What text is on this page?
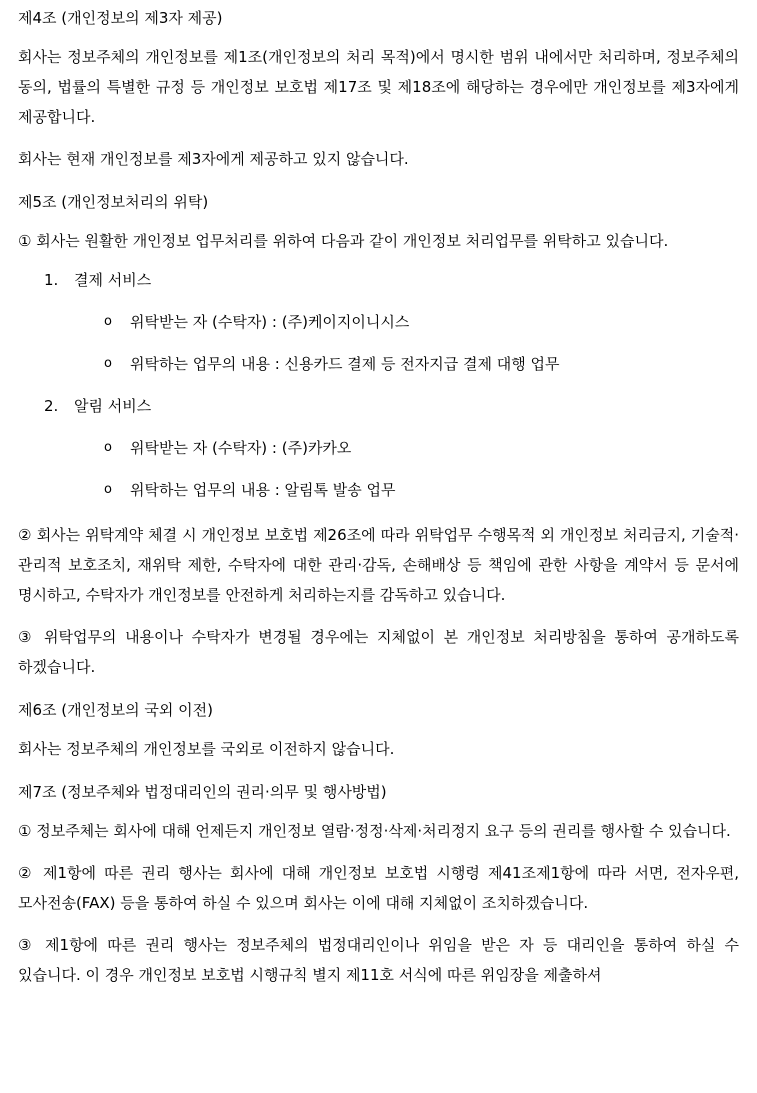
제4조 (개인정보의 제3자 제공)

회사는 정보주체의 개인정보를 제1조(개인정보의 처리 목적)에서 명시한 범위 내에서만 처리하며, 정보주체의 동의, 법률의 특별한 규정 등 개인정보 보호법 제17조 및 제18조에 해당하는 경우에만 개인정보를 제3자에게 제공합니다.

회사는 현재 개인정보를 제3자에게 제공하고 있지 않습니다.

제5조 (개인정보처리의 위탁)

① 회사는 원활한 개인정보 업무처리를 위하여 다음과 같이 개인정보 처리업무를 위탁하고 있습니다.

1.	결제 서비스
o	위탁받는 자 (수탁자) : (주)케이지이니시스
o	위탁하는 업무의 내용 : 신용카드 결제 등 전자지급 결제 대행 업무
2.	알림 서비스
o	위탁받는 자 (수탁자) : (주)카카오
o	위탁하는 업무의 내용 : 알림톡 발송 업무

② 회사는 위탁계약 체결 시 개인정보 보호법 제26조에 따라 위탁업무 수행목적 외 개인정보 처리금지, 기술적·관리적 보호조치, 재위탁 제한, 수탁자에 대한 관리·감독, 손해배상 등 책임에 관한 사항을 계약서 등 문서에 명시하고, 수탁자가 개인정보를 안전하게 처리하는지를 감독하고 있습니다.

③ 위탁업무의 내용이나 수탁자가 변경될 경우에는 지체없이 본 개인정보 처리방침을 통하여 공개하도록 하겠습니다.

제6조 (개인정보의 국외 이전)

회사는 정보주체의 개인정보를 국외로 이전하지 않습니다.

제7조 (정보주체와 법정대리인의 권리·의무 및 행사방법)

① 정보주체는 회사에 대해 언제든지 개인정보 열람·정정·삭제·처리정지 요구 등의 권리를 행사할 수 있습니다.

② 제1항에 따른 권리 행사는 회사에 대해 개인정보 보호법 시행령 제41조제1항에 따라 서면, 전자우편, 모사전송(FAX) 등을 통하여 하실 수 있으며 회사는 이에 대해 지체없이 조치하겠습니다.

③ 제1항에 따른 권리 행사는 정보주체의 법정대리인이나 위임을 받은 자 등 대리인을 통하여 하실 수 있습니다. 이 경우 개인정보 보호법 시행규칙 별지 제11호 서식에 따른 위임장을 제출하셔
